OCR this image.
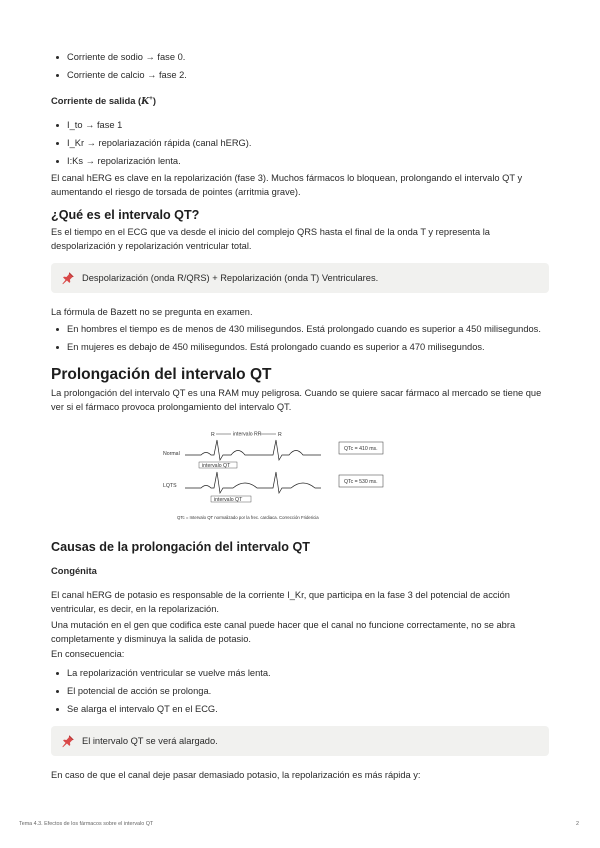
Corriente de sodio → fase 0.
Corriente de calcio → fase 2.
Corriente de salida (K+)
I_to → fase 1
I_Kr → repolariazación rápida (canal hERG).
I:Ks → repolarización lenta.

El canal hERG es clave en la repolarización (fase 3). Muchos fármacos lo bloquean, prolongando el intervalo QT y aumentando el riesgo de torsada de pointes (arritmia grave).

¿Qué es el intervalo QT?

Es el tiempo en el ECG que va desde el inicio del complejo QRS hasta el final de la onda T y representa la despolarización y repolarización ventricular total.

Despolarización (onda R/QRS) + Repolarización (onda T) Ventriculares.

La fórmula de Bazett no se pregunta en examen.

En hombres el tiempo es de menos de 430 milisegundos. Está prolongado cuando es superior a 450 milisegundos.
En mujeres es debajo de 450 milisegundos. Está prolongado cuando es superior a 470 milisegundos.
Prolongación del intervalo QT

La prolongación del intervalo QT es una RAM muy peligrosa. Cuando se quiere sacar fármaco al mercado se tiene que ver si el fármaco provoca prolongamiento del intervalo QT.

Causas de la prolongación del intervalo QT
Congénita

El canal hERG de potasio es responsable de la corriente I_Kr, que participa en la fase 3 del potencial de acción ventricular, es decir, en la repolarización.

Una mutación en el gen que codifica este canal puede hacer que el canal no funcione correctamente, no se abra completamente y disminuya la salida de potasio.

En consecuencia:

La repolarización ventricular se vuelve más lenta.
El potencial de acción se prolonga.
Se alarga el intervalo QT en el ECG.
El intervalo QT se verá alargado.

En caso de que el canal deje pasar demasiado potasio, la repolarización es más rápida y:

R	R
intervalo RR
Normal
intervalo QT
QTc = 410 ms.
LQTS
intervalo QT
QTc = 530 ms.
QTc = Intervalo QT normalizado por la frec. cardiaca. Corrección Fridericia
Tema 4.3. Efectos de los fármacos sobre el intervalo QT	2
